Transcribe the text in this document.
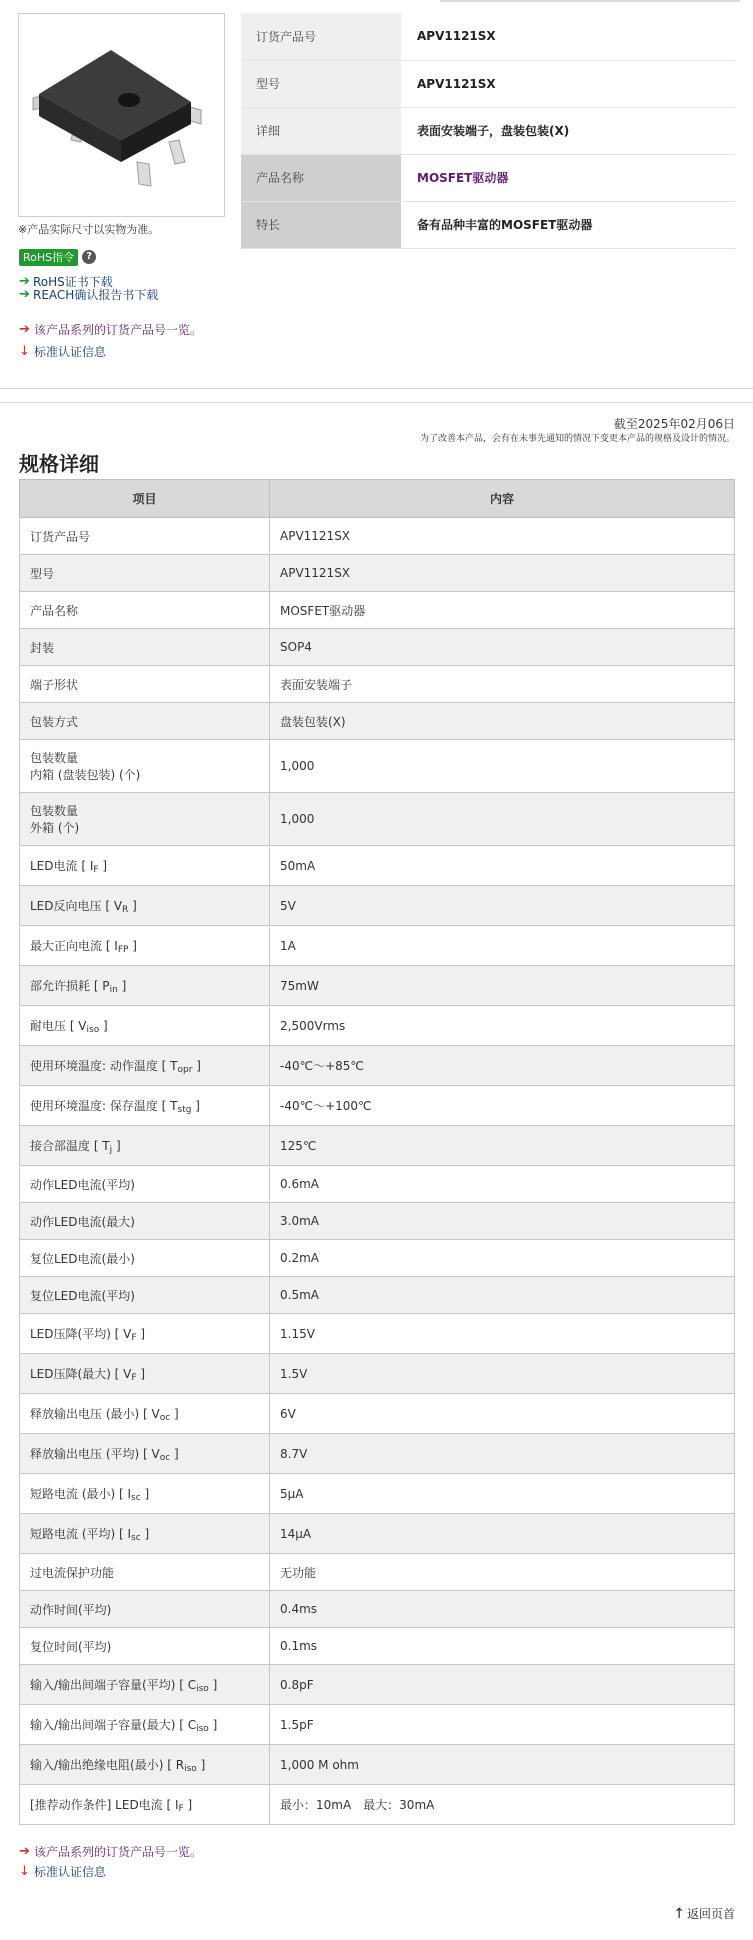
※产品实际尺寸以实物为准。
RoHS指令	?
➔ RoHS证书下载
➔ REACH确认报告书下载
➔ 该产品系列的订货产品号一览。
↓ 标准认证信息
订货产品号	APV1121SX
型号	APV1121SX
详细	表面安装端子，盘装包装(X)
产品名称	MOSFET驱动器
特长	备有品种丰富的MOSFET驱动器
截至2025年02月06日
为了改善本产品，会有在未事先通知的情况下变更本产品的规格及设计的情况。
规格详细
项目	内容
订货产品号	APV1121SX
型号	APV1121SX
产品名称	MOSFET驱动器
封装	SOP4
端子形状	表面安装端子
包装方式	盘装包装(X)
包装数量
内箱 (盘装包装) (个)	1,000
包装数量
外箱 (个)	1,000
LED电流 [ IF ]	50mA
LED反向电压 [ VR ]	5V
最大正向电流 [ IFP ]	1A
部允许损耗 [ Pin ]	75mW
耐电压 [ Viso ]	2,500Vrms
使用环境温度: 动作温度 [ Topr ]	-40℃～+85℃
使用环境温度: 保存温度 [ Tstg ]	-40℃～+100℃
接合部温度 [ Tj ]	125℃
动作LED电流(平均)	0.6mA
动作LED电流(最大)	3.0mA
复位LED电流(最小)	0.2mA
复位LED电流(平均)	0.5mA
LED压降(平均) [ VF ]	1.15V
LED压降(最大) [ VF ]	1.5V
释放输出电压 (最小) [ Voc ]	6V
释放输出电压 (平均) [ Voc ]	8.7V
短路电流 (最小) [ Isc ]	5μA
短路电流 (平均) [ Isc ]	14μA
过电流保护功能	无功能
动作时间(平均)	0.4ms
复位时间(平均)	0.1ms
输入/输出间端子容量(平均) [ Ciso ]	0.8pF
输入/输出间端子容量(最大) [ Ciso ]	1.5pF
输入/输出绝缘电阻(最小) [ Riso ]	1,000 M ohm
[推荐动作条件] LED电流 [ IF ]	最小：10mA　最大：30mA
➔ 该产品系列的订货产品号一览。
↓ 标准认证信息
↑ 返回页首
